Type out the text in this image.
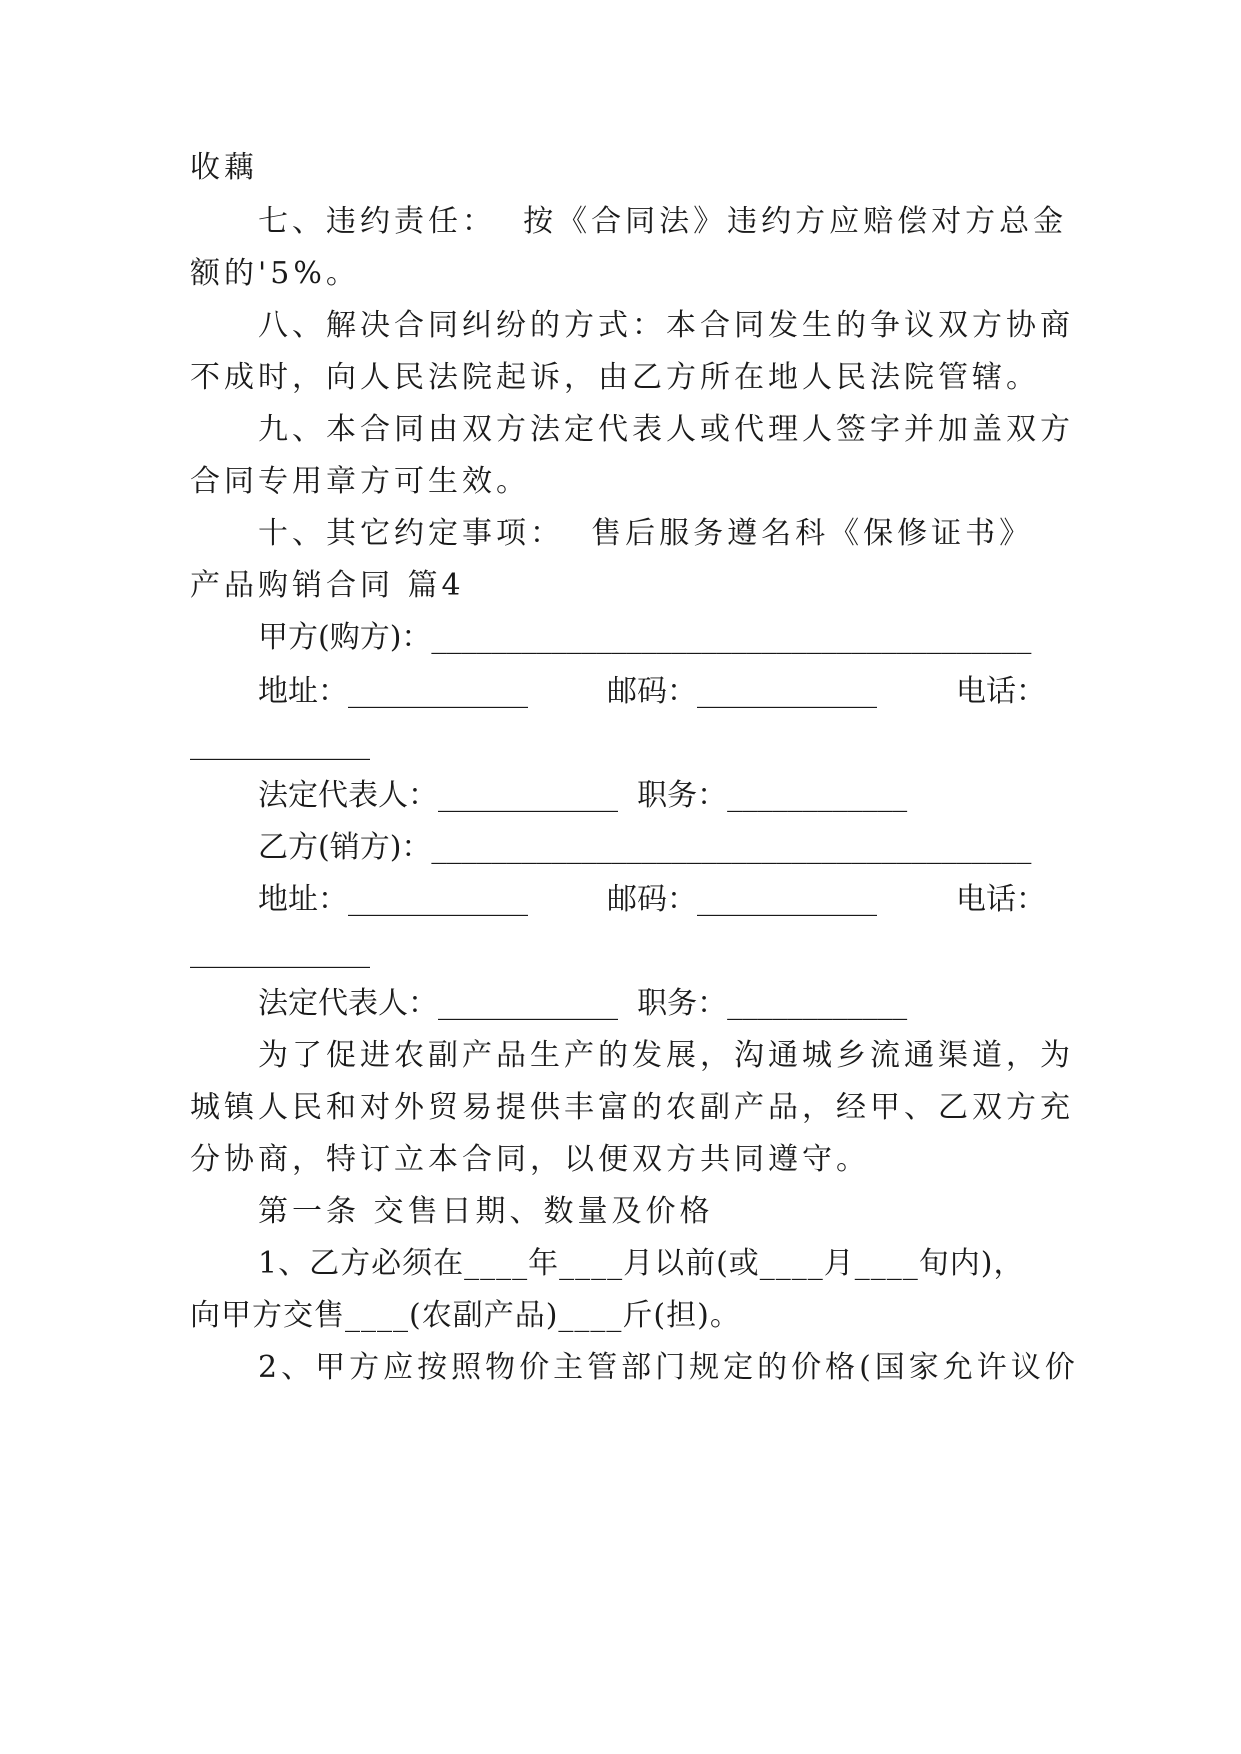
收藕
七、违约责任：  按《合同法》违约方应赔偿对方总金
额的'5%。
八、解决合同纠纷的方式：本合同发生的争议双方协商
不成时，向人民法院起诉，由乙方所在地人民法院管辖。
九、本合同由双方法定代表人或代理人签字并加盖双方
合同专用章方可生效。
十、其它约定事项：  售后服务遵名科《保修证书》
产品购销合同 篇4
甲方(购方)：________________________________________
地址：____________	邮码：____________	电话：
____________
法定代表人：____________  职务：____________
乙方(销方)：________________________________________
地址：____________	邮码：____________	电话：
____________
法定代表人：____________  职务：____________
为了促进农副产品生产的发展，沟通城乡流通渠道，为
城镇人民和对外贸易提供丰富的农副产品，经甲、乙双方充
分协商，特订立本合同，以便双方共同遵守。
第一条 交售日期、数量及价格
1、乙方必须在____年____月以前(或____月____旬内)，
向甲方交售____(农副产品)____斤(担)。
2、甲方应按照物价主管部门规定的价格(国家允许议价
